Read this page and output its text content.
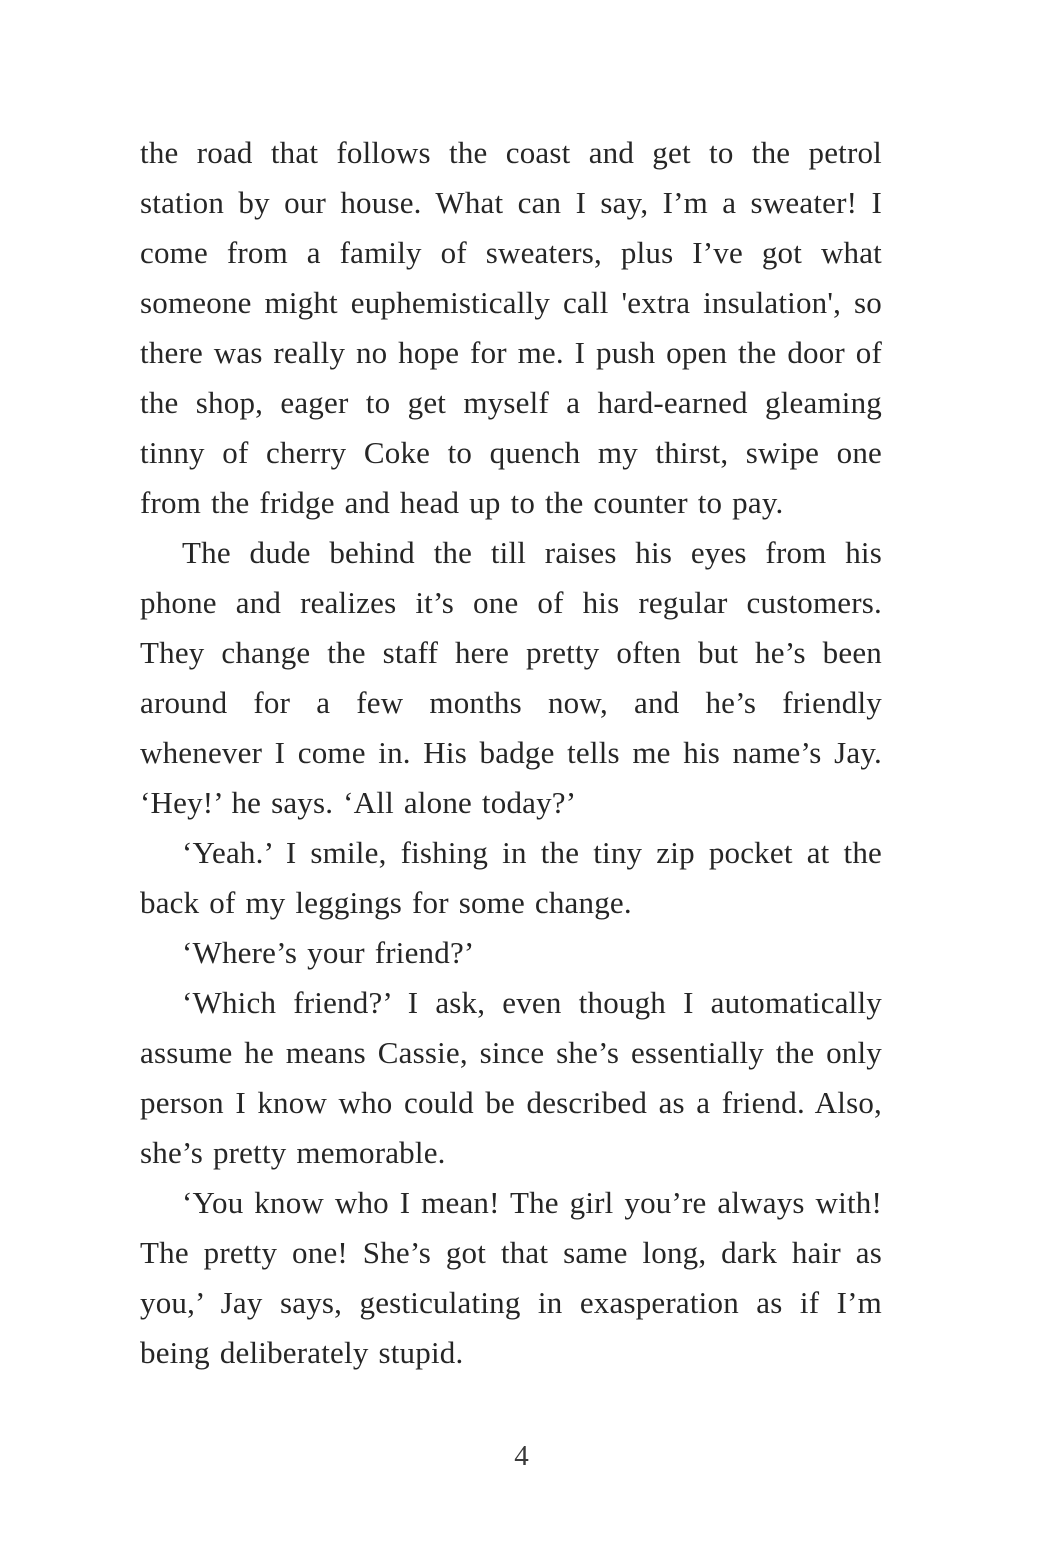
the road that follows the coast and get to the petrol station by our house. What can I say, I’m a sweater! I come from a family of sweaters, plus I’ve got what someone might euphemistically call 'extra insulation', so there was really no hope for me. I push open the door of the shop, eager to get myself a hard-earned gleaming tinny of cherry Coke to quench my thirst, swipe one from the fridge and head up to the counter to pay.

The dude behind the till raises his eyes from his phone and realizes it’s one of his regular customers. They change the staff here pretty often but he’s been around for a few months now, and he’s friendly whenever I come in. His badge tells me his name’s Jay. ‘Hey!’ he says. ‘All alone today?’

‘Yeah.’ I smile, fishing in the tiny zip pocket at the back of my leggings for some change.

‘Where’s your friend?’

‘Which friend?’ I ask, even though I automatically assume he means Cassie, since she’s essentially the only person I know who could be described as a friend. Also, she’s pretty memorable.

‘You know who I mean! The girl you’re always with! The pretty one! She’s got that same long, dark hair as you,’ Jay says, gesticulating in exasperation as if I’m being deliberately stupid.

4
